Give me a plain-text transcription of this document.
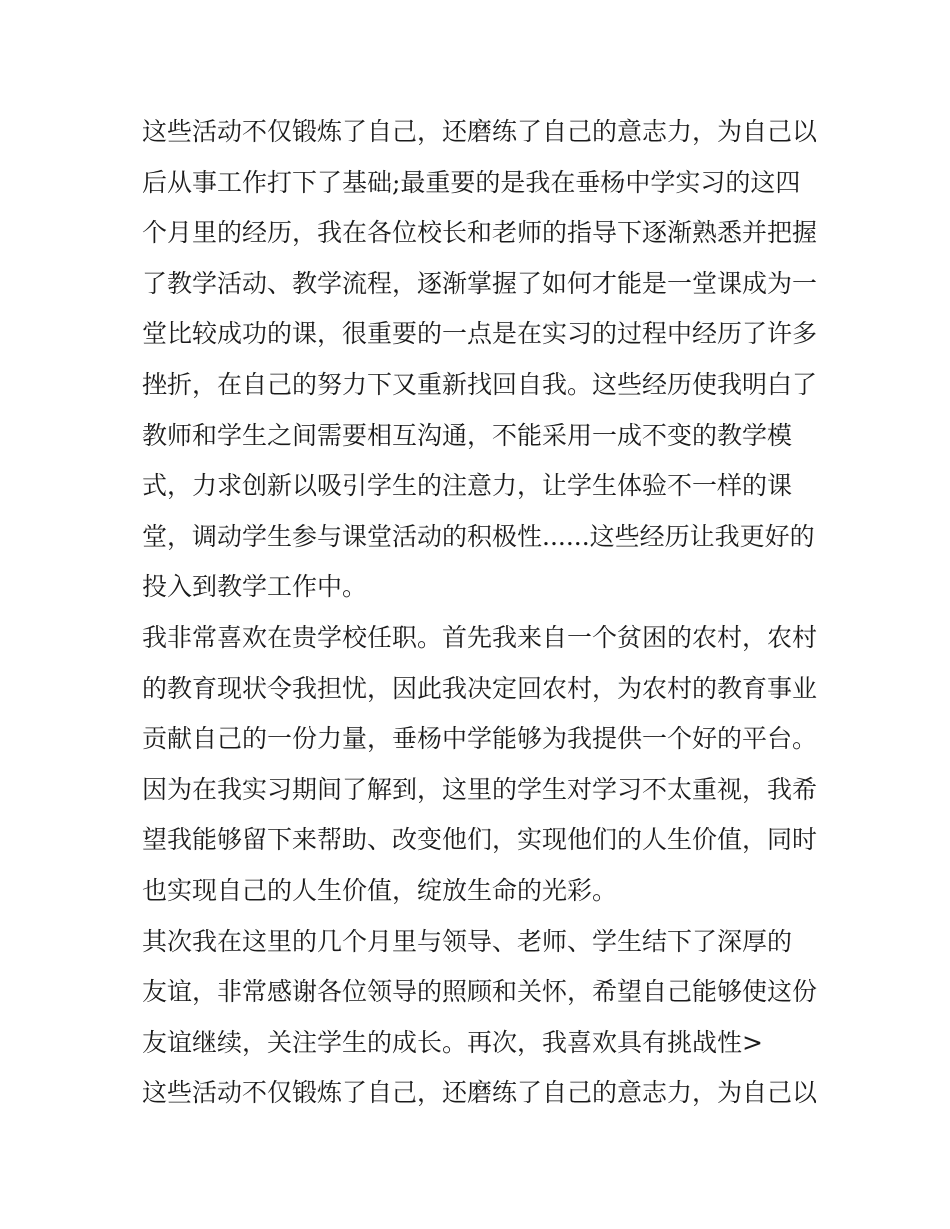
这些活动不仅锻炼了自己，还磨练了自己的意志力，为自己以
后从事工作打下了基础;最重要的是我在垂杨中学实习的这四
个月里的经历，我在各位校长和老师的指导下逐渐熟悉并把握
了教学活动、教学流程，逐渐掌握了如何才能是一堂课成为一
堂比较成功的课，很重要的一点是在实习的过程中经历了许多
挫折，在自己的努力下又重新找回自我。这些经历使我明白了
教师和学生之间需要相互沟通，不能采用一成不变的教学模
式，力求创新以吸引学生的注意力，让学生体验不一样的课
堂，调动学生参与课堂活动的积极性......这些经历让我更好的
投入到教学工作中。
我非常喜欢在贵学校任职。首先我来自一个贫困的农村，农村
的教育现状令我担忧，因此我决定回农村，为农村的教育事业
贡献自己的一份力量，垂杨中学能够为我提供一个好的平台。
因为在我实习期间了解到，这里的学生对学习不太重视，我希
望我能够留下来帮助、改变他们，实现他们的人生价值，同时
也实现自己的人生价值，绽放生命的光彩。
其次我在这里的几个月里与领导、老师、学生结下了深厚的
友谊，非常感谢各位领导的照顾和关怀，希望自己能够使这份
友谊继续，关注学生的成长。再次，我喜欢具有挑战性>
这些活动不仅锻炼了自己，还磨练了自己的意志力，为自己以
